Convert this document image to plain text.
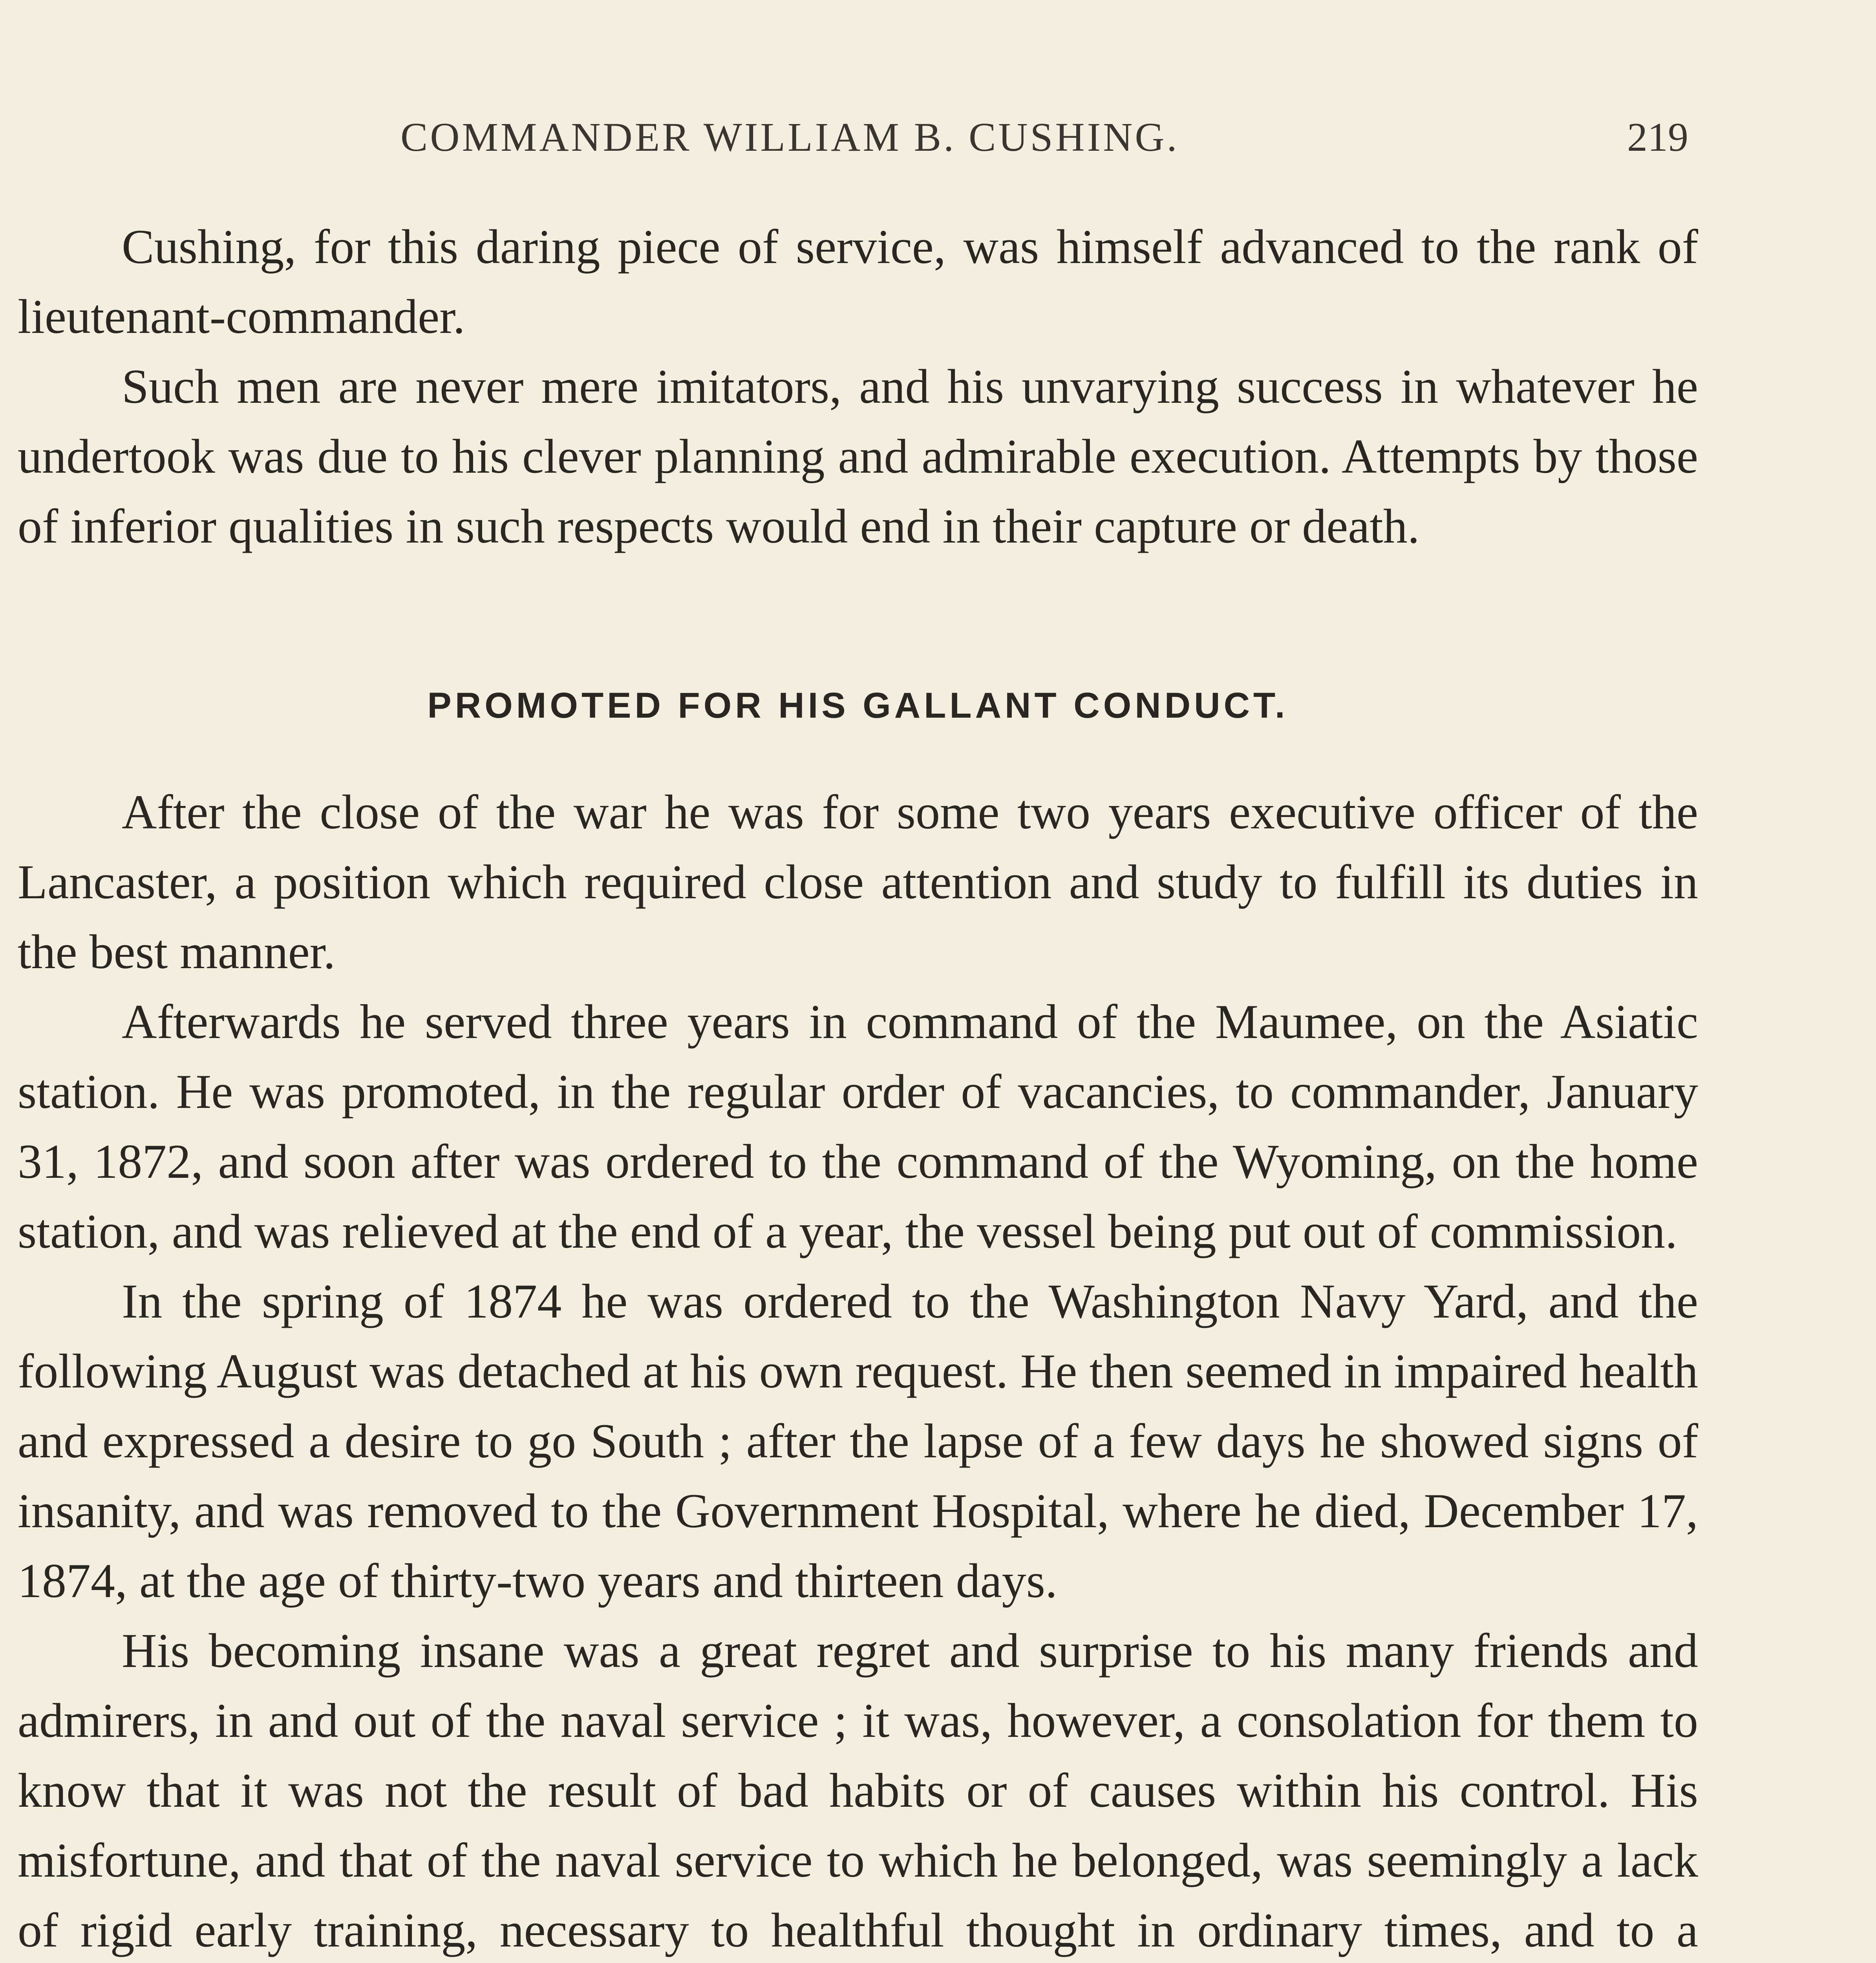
COMMANDER WILLIAM B. CUSHING.	219

Cushing, for this daring piece of service, was himself advanced to the rank of lieutenant-commander.

Such men are never mere imitators, and his unvarying success in whatever he undertook was due to his clever planning and admirable execution. Attempts by those of inferior qualities in such respects would end in their capture or death.

PROMOTED FOR HIS GALLANT CONDUCT.

After the close of the war he was for some two years executive officer of the Lancaster, a position which required close attention and study to fulfill its duties in the best manner.

Afterwards he served three years in command of the Maumee, on the Asiatic station. He was promoted, in the regular order of vacancies, to commander, January 31, 1872, and soon after was ordered to the command of the Wyoming, on the home station, and was relieved at the end of a year, the vessel being put out of commission.

In the spring of 1874 he was ordered to the Washington Navy Yard, and the following August was detached at his own request. He then seemed in impaired health and expressed a desire to go South ; after the lapse of a few days he showed signs of insanity, and was removed to the Government Hospital, where he died, December 17, 1874, at the age of thirty-two years and thirteen days.

His becoming insane was a great regret and surprise to his many friends and admirers, in and out of the naval service ; it was, however, a consolation for them to know that it was not the result of bad habits or of causes within his control. His misfortune, and that of the naval service to which he belonged, was seemingly a lack of rigid early training, necessary to healthful thought in ordinary times, and to a
